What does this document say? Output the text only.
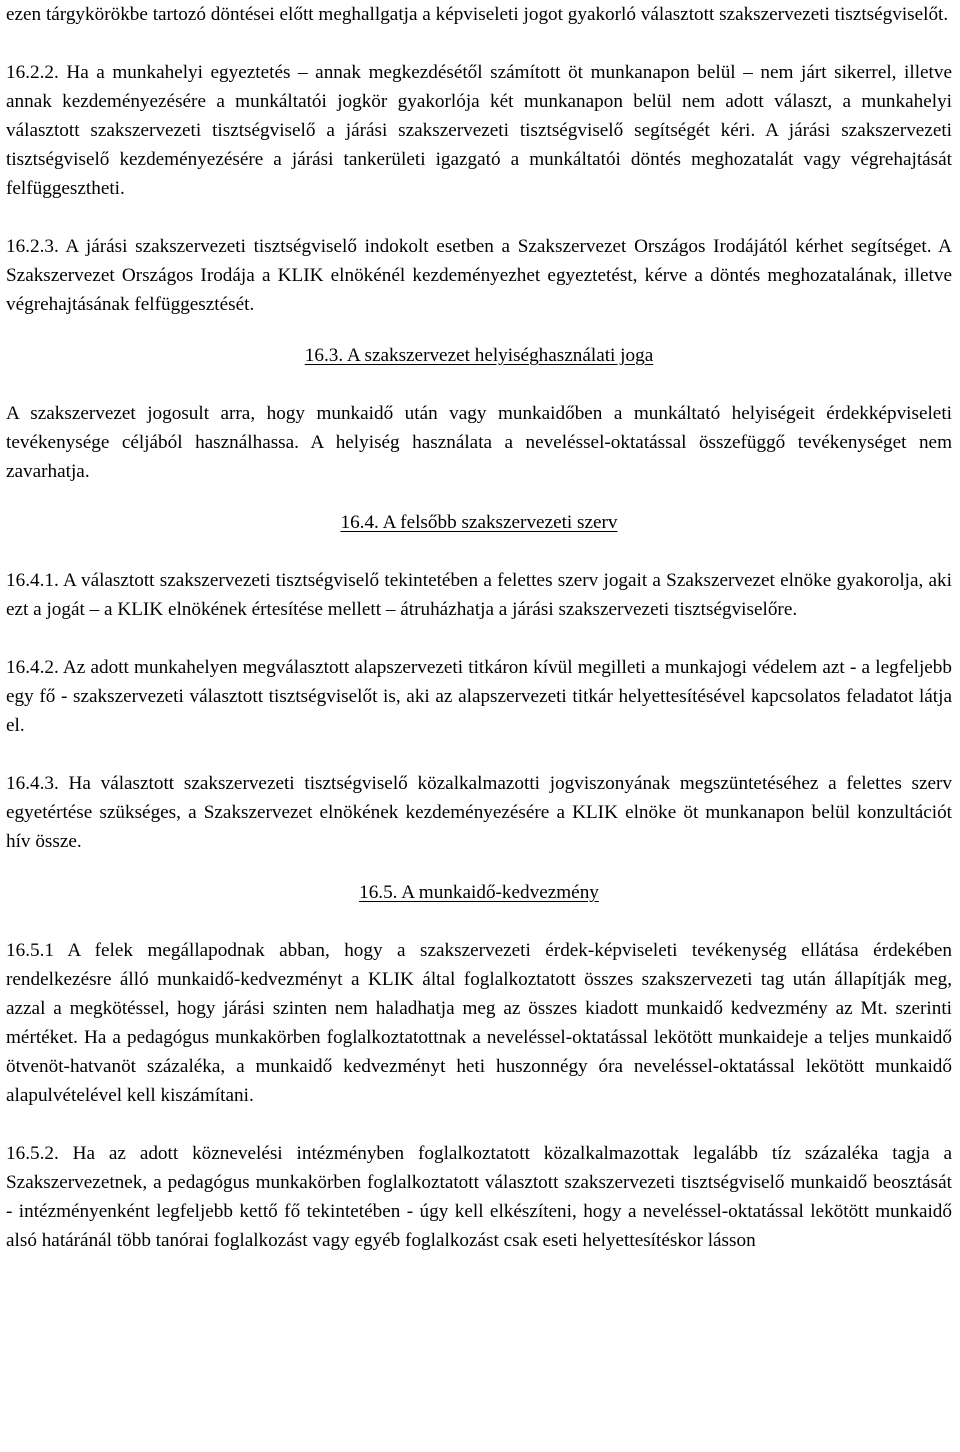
ezen tárgykörökbe tartozó döntései előtt meghallgatja a képviseleti jogot gyakorló választott szakszervezeti tisztségviselőt.

16.2.2. Ha a munkahelyi egyeztetés – annak megkezdésétől számított öt munkanapon belül – nem járt sikerrel, illetve annak kezdeményezésére a munkáltatói jogkör gyakorlója két munkanapon belül nem adott választ, a munkahelyi választott szakszervezeti tisztségviselő a járási szakszervezeti tisztségviselő segítségét kéri. A járási szakszervezeti tisztségviselő kezdeményezésére a járási tankerületi igazgató a munkáltatói döntés meghozatalát vagy végrehajtását felfüggesztheti.

16.2.3. A járási szakszervezeti tisztségviselő indokolt esetben a Szakszervezet Országos Irodájától kérhet segítséget. A Szakszervezet Országos Irodája a KLIK elnökénél kezdeményezhet egyeztetést, kérve a döntés meghozatalának, illetve végrehajtásának felfüggesztését.

16.3. A szakszervezet helyiséghasználati joga

A szakszervezet jogosult arra, hogy munkaidő után vagy munkaidőben a munkáltató helyiségeit érdekképviseleti tevékenysége céljából használhassa. A helyiség használata a neveléssel-oktatással összefüggő tevékenységet nem zavarhatja.

16.4. A felsőbb szakszervezeti szerv

16.4.1. A választott szakszervezeti tisztségviselő tekintetében a felettes szerv jogait a Szakszervezet elnöke gyakorolja, aki ezt a jogát – a KLIK elnökének értesítése mellett – átruházhatja a járási szakszervezeti tisztségviselőre.

16.4.2. Az adott munkahelyen megválasztott alapszervezeti titkáron kívül megilleti a munkajogi védelem azt - a legfeljebb egy fő - szakszervezeti választott tisztségviselőt is, aki az alapszervezeti titkár helyettesítésével kapcsolatos feladatot látja el.

16.4.3. Ha választott szakszervezeti tisztségviselő közalkalmazotti jogviszonyának megszüntetéséhez a felettes szerv egyetértése szükséges, a Szakszervezet elnökének kezdeményezésére a KLIK elnöke öt munkanapon belül konzultációt hív össze.

16.5. A munkaidő-kedvezmény

16.5.1 A felek megállapodnak abban, hogy a szakszervezeti érdek-képviseleti tevékenység ellátása érdekében rendelkezésre álló munkaidő-kedvezményt a KLIK által foglalkoztatott összes szakszervezeti tag után állapítják meg, azzal a megkötéssel, hogy járási szinten nem haladhatja meg az összes kiadott munkaidő kedvezmény az Mt. szerinti mértéket. Ha a pedagógus munkakörben foglalkoztatottnak a neveléssel-oktatással lekötött munkaideje a teljes munkaidő ötvenöt-hatvanöt százaléka, a munkaidő kedvezményt heti huszonnégy óra neveléssel-oktatással lekötött munkaidő alapulvételével kell kiszámítani.

16.5.2. Ha az adott köznevelési intézményben foglalkoztatott közalkalmazottak legalább tíz százaléka tagja a Szakszervezetnek, a pedagógus munkakörben foglalkoztatott választott szakszervezeti tisztségviselő munkaidő beosztását - intézményenként legfeljebb kettő fő tekintetében - úgy kell elkészíteni, hogy a neveléssel-oktatással lekötött munkaidő alsó határánál több tanórai foglalkozást vagy egyéb foglalkozást csak eseti helyettesítéskor lásson
